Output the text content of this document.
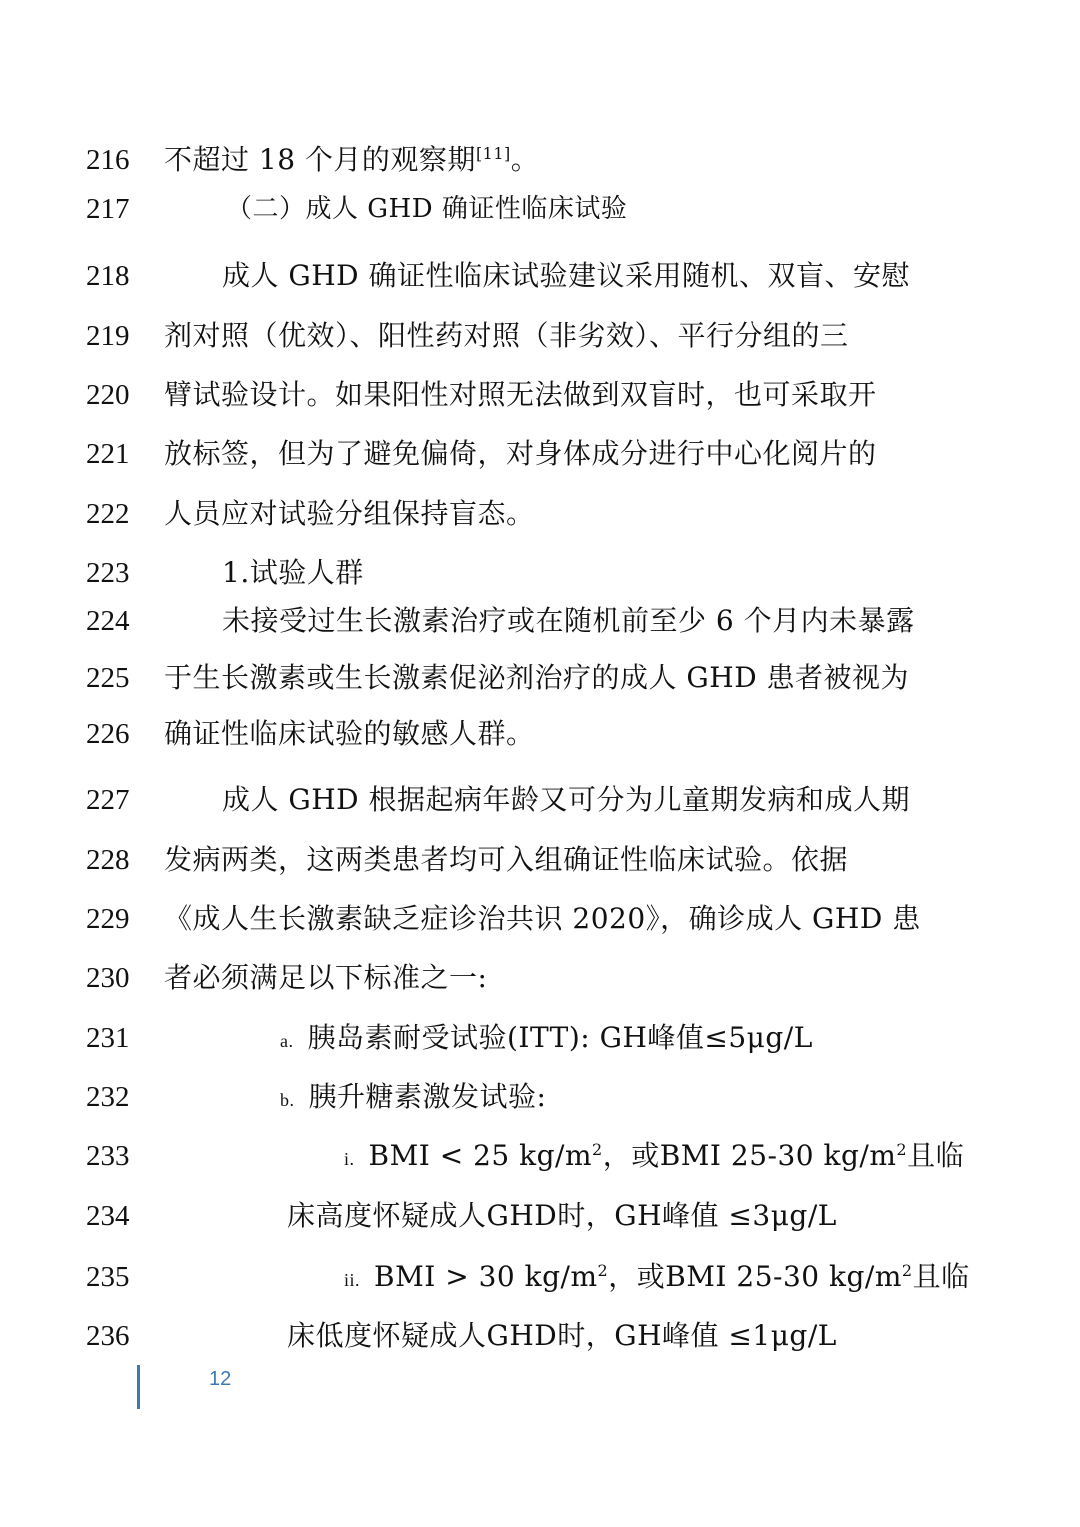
216
217
218
219
220
221
222
223
224
225
226
227
228
229
230
231
232
233
234
235
236
不超过 18 个月的观察期[11]。
（二）成人 GHD 确证性临床试验
成人 GHD 确证性临床试验建议采用随机、双盲、安慰
剂对照（优效）、阳性药对照（非劣效）、平行分组的三
臂试验设计。如果阳性对照无法做到双盲时，也可采取开
放标签，但为了避免偏倚，对身体成分进行中心化阅片的
人员应对试验分组保持盲态。
1.试验人群
未接受过生长激素治疗或在随机前至少 6 个月内未暴露
于生长激素或生长激素促泌剂治疗的成人 GHD 患者被视为
确证性临床试验的敏感人群。
成人 GHD 根据起病年龄又可分为儿童期发病和成人期
发病两类，这两类患者均可入组确证性临床试验。依据
《成人生长激素缺乏症诊治共识 2020》，确诊成人 GHD 患
者必须满足以下标准之一:
a. 胰岛素耐受试验(ITT): GH峰值≤5μg/L
b. 胰升糖素激发试验:
i. BMI < 25 $kg/m^2$，或BMI 25-30 $kg/m^2$且临
床高度怀疑成人GHD时，GH峰值 ≤3μg/L
ii. BMI > 30 $kg/m^2$，或BMI 25-30 $kg/m^2$且临
床低度怀疑成人GHD时，GH峰值 ≤1μg/L
12
